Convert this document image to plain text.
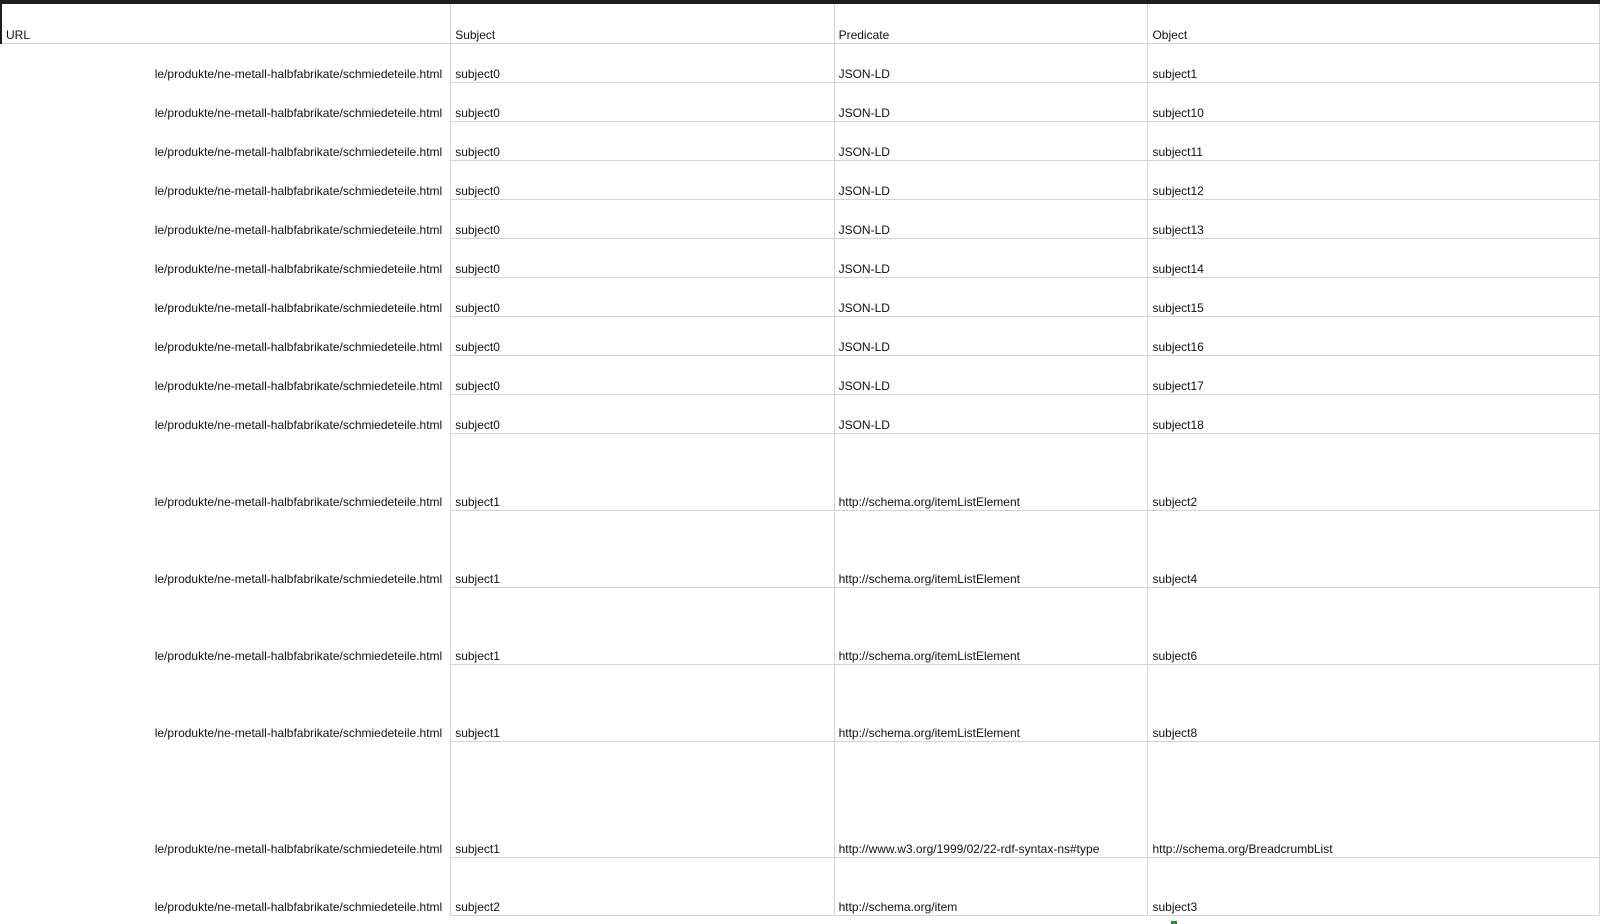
URL	Subject	Predicate	Object
le/produkte/ne-metall-halbfabrikate/schmiedeteile.html	subject0	JSON-LD	subject1
le/produkte/ne-metall-halbfabrikate/schmiedeteile.html	subject0	JSON-LD	subject10
le/produkte/ne-metall-halbfabrikate/schmiedeteile.html	subject0	JSON-LD	subject11
le/produkte/ne-metall-halbfabrikate/schmiedeteile.html	subject0	JSON-LD	subject12
le/produkte/ne-metall-halbfabrikate/schmiedeteile.html	subject0	JSON-LD	subject13
le/produkte/ne-metall-halbfabrikate/schmiedeteile.html	subject0	JSON-LD	subject14
le/produkte/ne-metall-halbfabrikate/schmiedeteile.html	subject0	JSON-LD	subject15
le/produkte/ne-metall-halbfabrikate/schmiedeteile.html	subject0	JSON-LD	subject16
le/produkte/ne-metall-halbfabrikate/schmiedeteile.html	subject0	JSON-LD	subject17
le/produkte/ne-metall-halbfabrikate/schmiedeteile.html	subject0	JSON-LD	subject18
le/produkte/ne-metall-halbfabrikate/schmiedeteile.html	subject1	http://schema.org/itemListElement	subject2
le/produkte/ne-metall-halbfabrikate/schmiedeteile.html	subject1	http://schema.org/itemListElement	subject4
le/produkte/ne-metall-halbfabrikate/schmiedeteile.html	subject1	http://schema.org/itemListElement	subject6
le/produkte/ne-metall-halbfabrikate/schmiedeteile.html	subject1	http://schema.org/itemListElement	subject8
le/produkte/ne-metall-halbfabrikate/schmiedeteile.html	subject1	http://www.w3.org/1999/02/22-rdf-syntax-ns#type	http://schema.org/BreadcrumbList
le/produkte/ne-metall-halbfabrikate/schmiedeteile.html	subject2	http://schema.org/item	subject3
